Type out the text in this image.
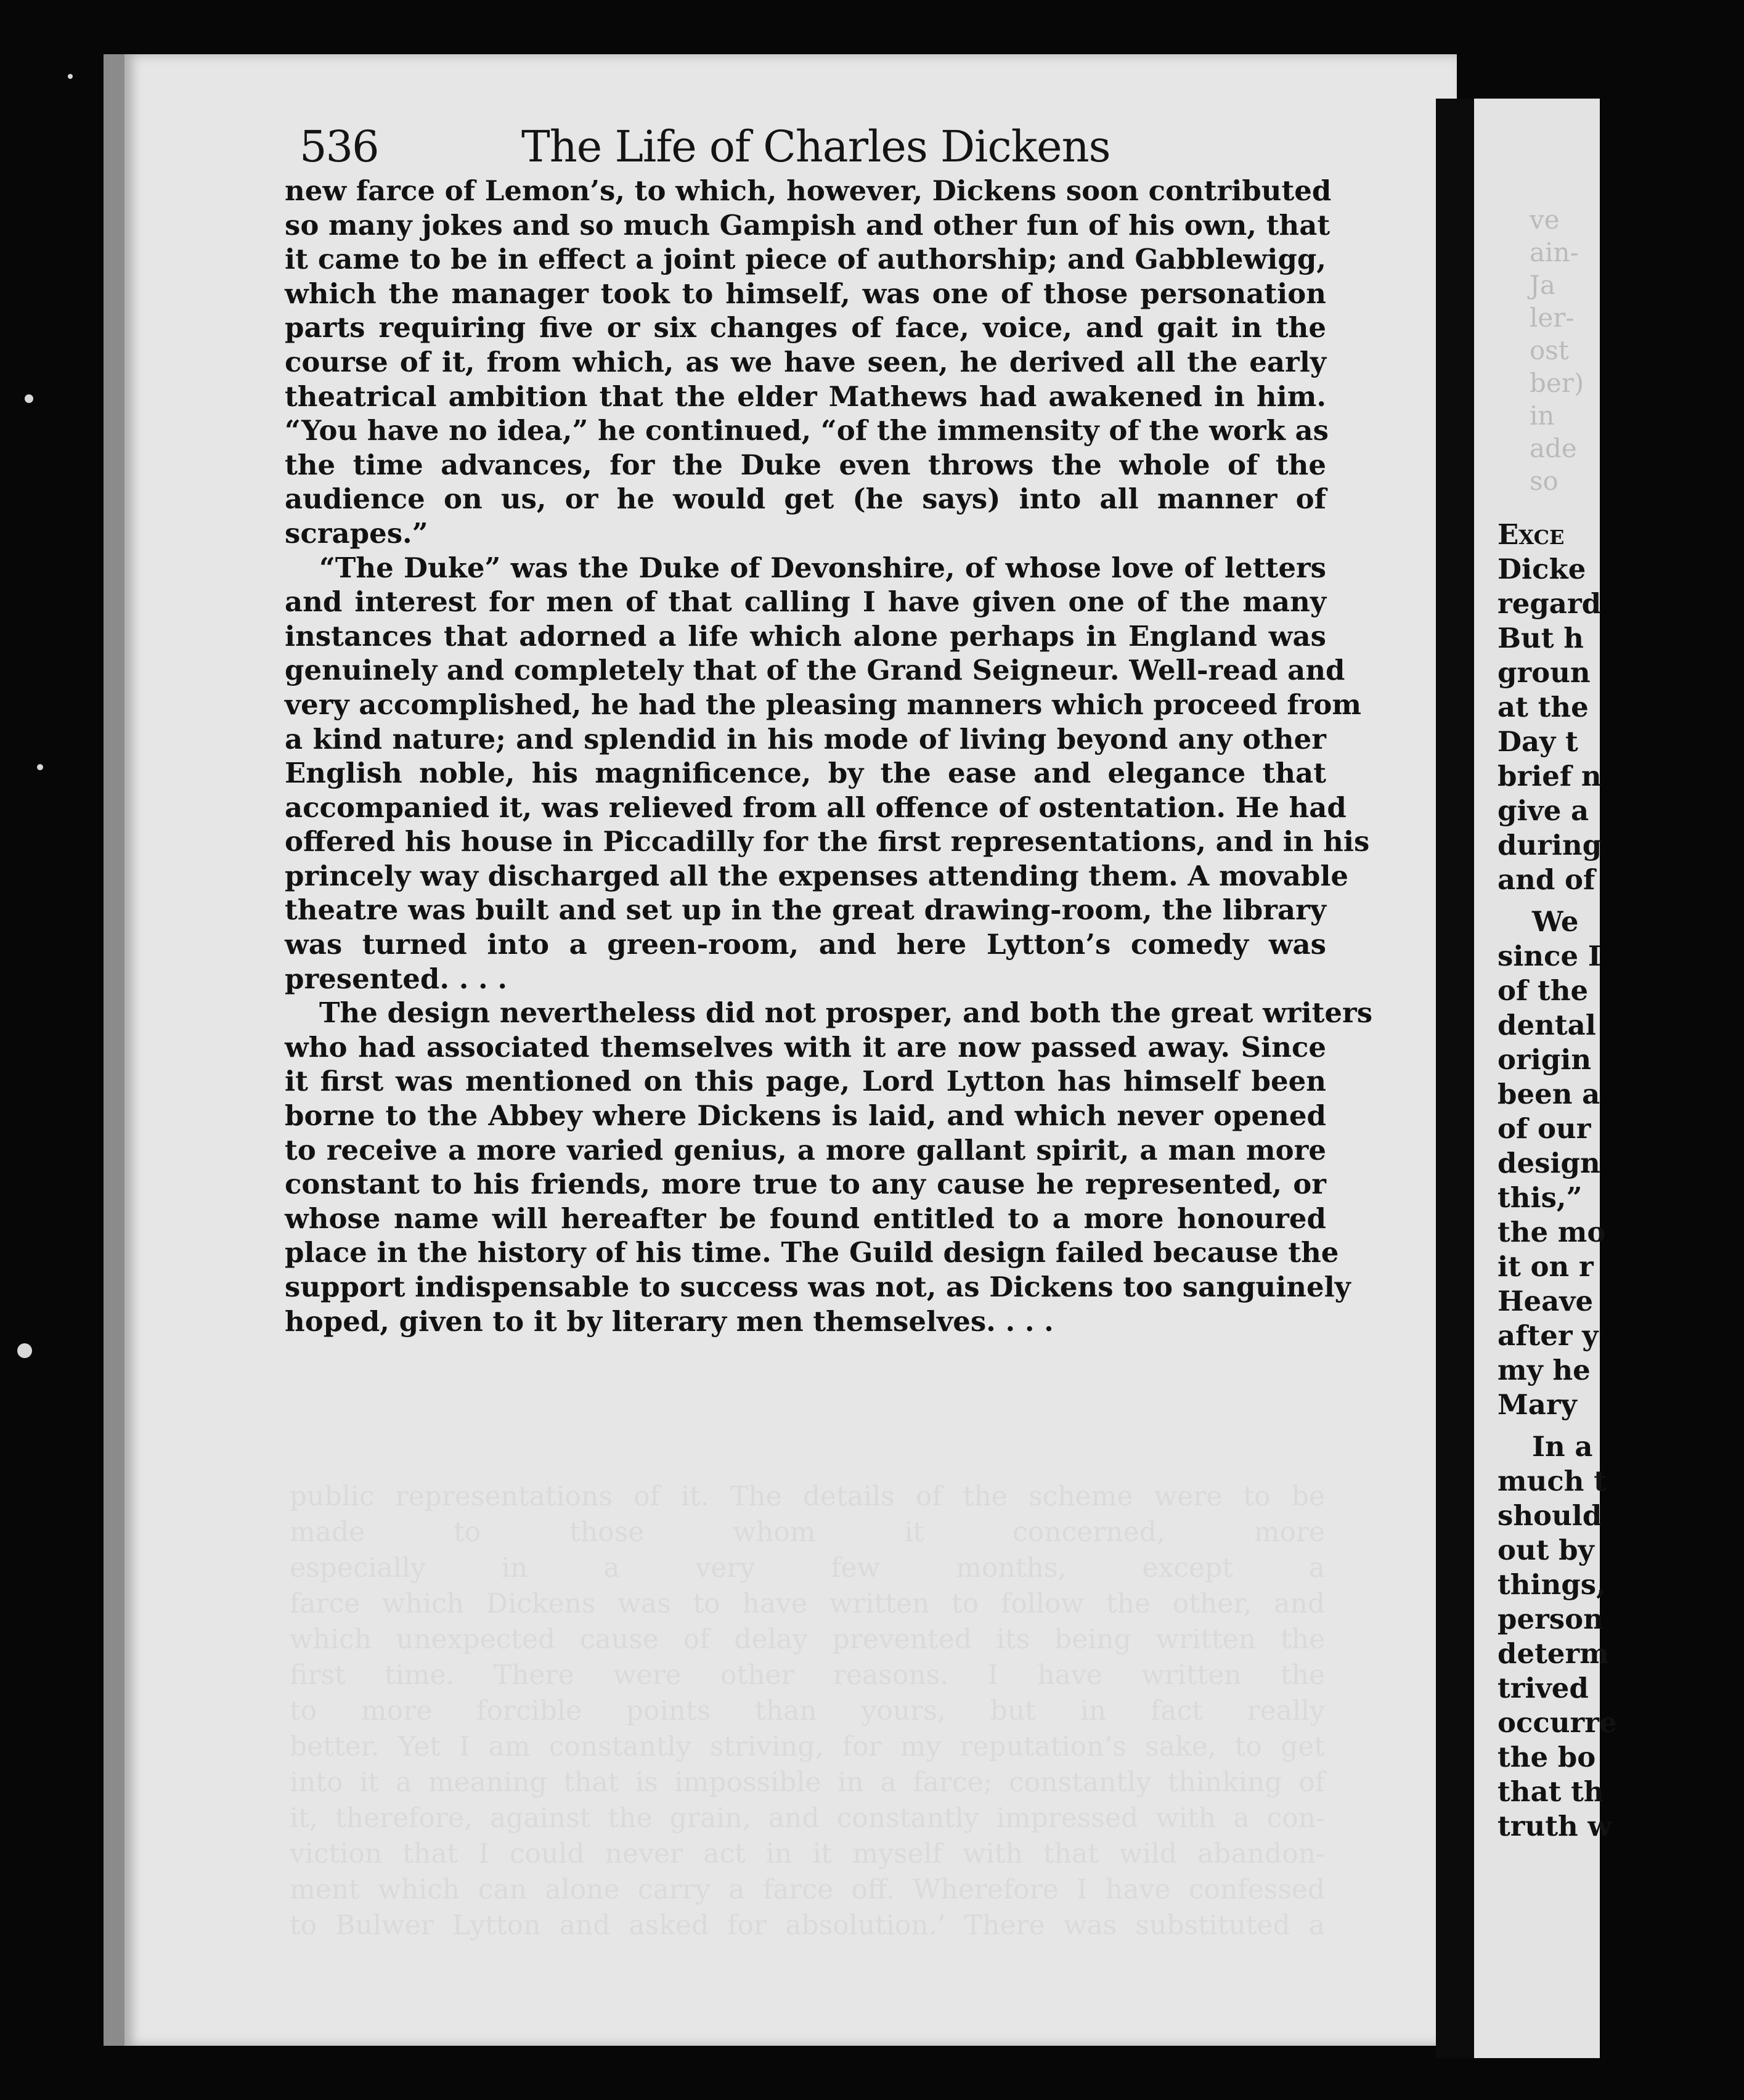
ve
ain-
Ja
ler-
ost
ber)
in
ade
so
Exce
Dicke
regard
But h
groun
at the
Day t
brief n
give a
during
and of
We
since I
of the
dental
origin
been a
of our
design
this,”
the mo
it on r
Heave
after y
my he
Mary
In a
much t
should
out by
things,
person
determ
trived
occurre
the bo
that th
truth w
536	The Life of Charles Dickens
new farce of Lemon’s, to which, however, Dickens soon contributed
so many jokes and so much Gampish and other fun of his own, that
it came to be in effect a joint piece of authorship; and Gabblewigg,
which the manager took to himself, was one of those personation
parts requiring five or six changes of face, voice, and gait in the
course of it, from which, as we have seen, he derived all the early
theatrical ambition that the elder Mathews had awakened in him.
“You have no idea,” he continued, “of the immensity of the work as
the time advances, for the Duke even throws the whole of the
audience on us, or he would get (he says) into all manner of
scrapes.”
“The Duke” was the Duke of Devonshire, of whose love of letters
and interest for men of that calling I have given one of the many
instances that adorned a life which alone perhaps in England was
genuinely and completely that of the Grand Seigneur. Well-read and
very accomplished, he had the pleasing manners which proceed from
a kind nature; and splendid in his mode of living beyond any other
English noble, his magnificence, by the ease and elegance that
accompanied it, was relieved from all offence of ostentation. He had
offered his house in Piccadilly for the first representations, and in his
princely way discharged all the expenses attending them. A movable
theatre was built and set up in the great drawing-room, the library
was turned into a green-room, and here Lytton’s comedy was
presented. . . .
The design nevertheless did not prosper, and both the great writers
who had associated themselves with it are now passed away. Since
it first was mentioned on this page, Lord Lytton has himself been
borne to the Abbey where Dickens is laid, and which never opened
to receive a more varied genius, a more gallant spirit, a man more
constant to his friends, more true to any cause he represented, or
whose name will hereafter be found entitled to a more honoured
place in the history of his time. The Guild design failed because the
support indispensable to success was not, as Dickens too sanguinely
hoped, given to it by literary men themselves. . . .
public representations of it. The details of the scheme were to be
made to those whom it concerned, more
especially in a very few months, except a
farce which Dickens was to have written to follow the other, and
which unexpected cause of delay prevented its being written the
first time. There were other reasons. I have written the
to more forcible points than yours, but in fact really
better. Yet I am constantly striving, for my reputation’s sake, to get
into it a meaning that is impossible in a farce; constantly thinking of
it, therefore, against the grain, and constantly impressed with a con-
viction that I could never act in it myself with that wild abandon-
ment which can alone carry a farce off. Wherefore I have confessed
to Bulwer Lytton and asked for absolution.’ There was substituted a
